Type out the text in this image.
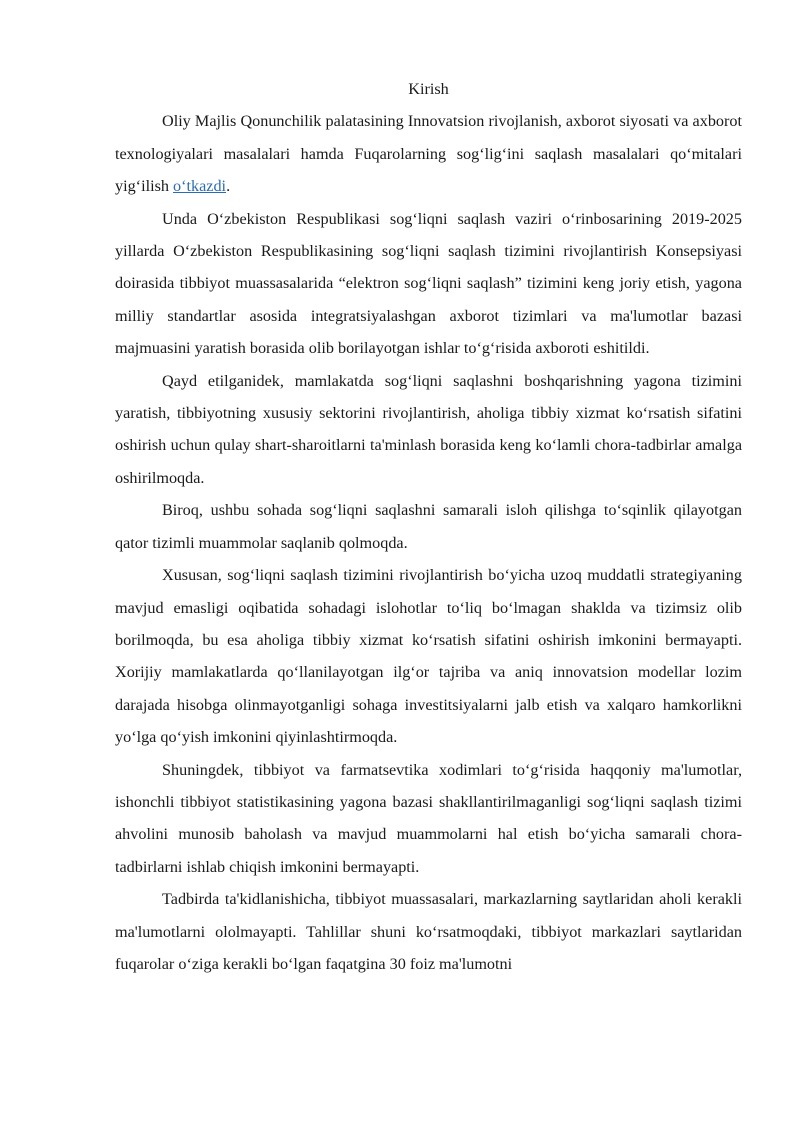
Kirish

Oliy Majlis Qonunchilik palatasining Innovatsion rivojlanish, axborot siyosati va axborot texnologiyalari masalalari hamda Fuqarolarning sog‘lig‘ini saqlash masalalari qo‘mitalari yig‘ilish o‘tkazdi.

Unda O‘zbekiston Respublikasi sog‘liqni saqlash vaziri o‘rinbosarining 2019-2025 yillarda O‘zbekiston Respublikasining sog‘liqni saqlash tizimini rivojlantirish Konsepsiyasi doirasida tibbiyot muassasalarida “elektron sog‘liqni saqlash” tizimini keng joriy etish, yagona milliy standartlar asosida integratsiyalashgan axborot tizimlari va ma'lumotlar bazasi majmuasini yaratish borasida olib borilayotgan ishlar to‘g‘risida axboroti eshitildi.

Qayd etilganidek, mamlakatda sog‘liqni saqlashni boshqarishning yagona tizimini yaratish, tibbiyotning xususiy sektorini rivojlantirish, aholiga tibbiy xizmat ko‘rsatish sifatini oshirish uchun qulay shart-sharoitlarni ta'minlash borasida keng ko‘lamli chora-tadbirlar amalga oshirilmoqda.

Biroq, ushbu sohada sog‘liqni saqlashni samarali isloh qilishga to‘sqinlik qilayotgan qator tizimli muammolar saqlanib qolmoqda.

Xususan, sog‘liqni saqlash tizimini rivojlantirish bo‘yicha uzoq muddatli strategiyaning mavjud emasligi oqibatida sohadagi islohotlar to‘liq bo‘lmagan shaklda va tizimsiz olib borilmoqda, bu esa aholiga tibbiy xizmat ko‘rsatish sifatini oshirish imkonini bermayapti. Xorijiy mamlakatlarda qo‘llanilayotgan ilg‘or tajriba va aniq innovatsion modellar lozim darajada hisobga olinmayotganligi sohaga investitsiyalarni jalb etish va xalqaro hamkorlikni yo‘lga qo‘yish imkonini qiyinlashtirmoqda.

Shuningdek, tibbiyot va farmatsevtika xodimlari to‘g‘risida haqqoniy ma'lumotlar, ishonchli tibbiyot statistikasining yagona bazasi shakllantirilmaganligi sog‘liqni saqlash tizimi ahvolini munosib baholash va mavjud muammolarni hal etish bo‘yicha samarali chora-tadbirlarni ishlab chiqish imkonini bermayapti.

Tadbirda ta'kidlanishicha, tibbiyot muassasalari, markazlarning saytlaridan aholi kerakli ma'lumotlarni ololmayapti. Tahlillar shuni ko‘rsatmoqdaki, tibbiyot markazlari saytlaridan fuqarolar o‘ziga kerakli bo‘lgan faqatgina 30 foiz ma'lumotni
